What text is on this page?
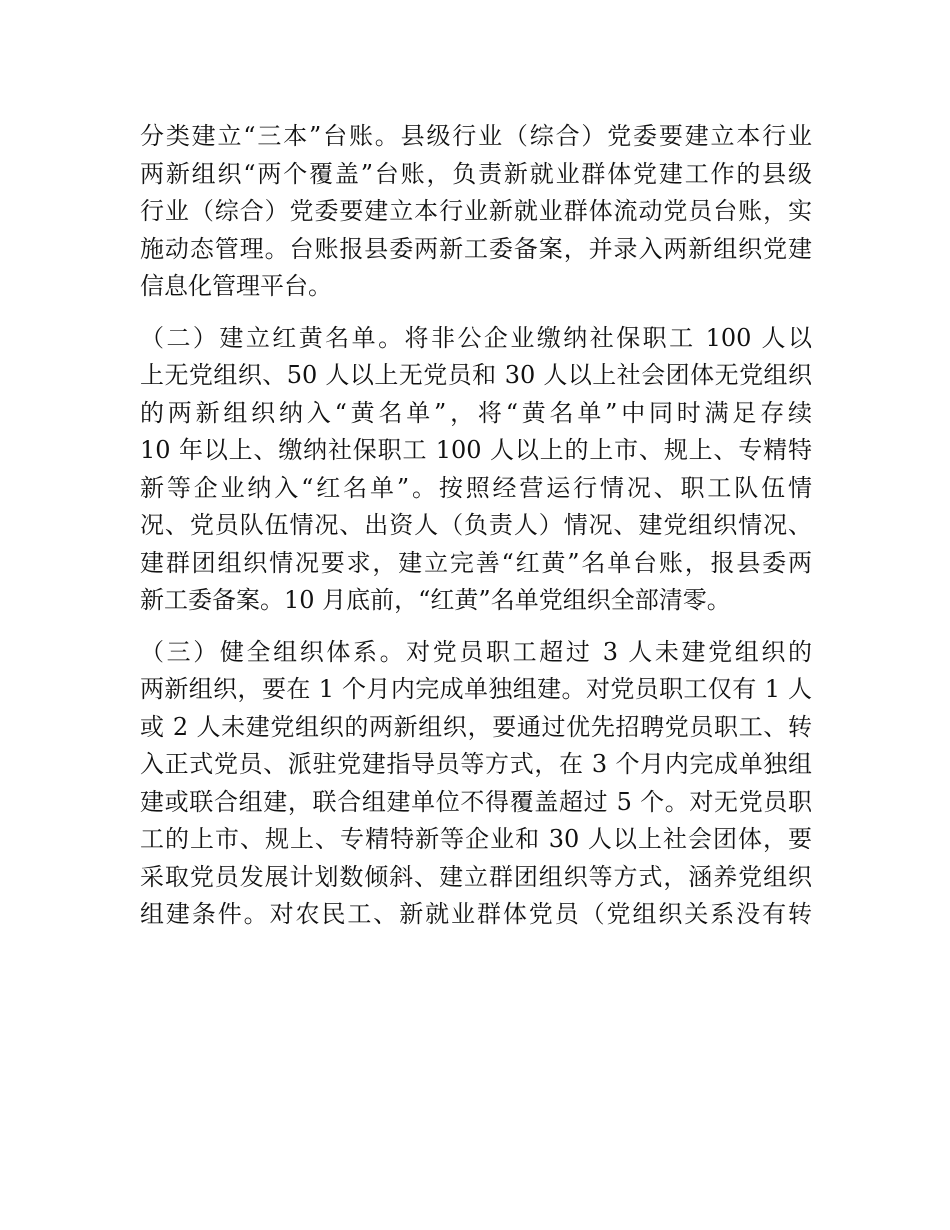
分类建立“三本”台账。县级行业（综合）党委要建立本行业
两新组织“两个覆盖”台账，负责新就业群体党建工作的县级
行业（综合）党委要建立本行业新就业群体流动党员台账，实
施动态管理。台账报县委两新工委备案，并录入两新组织党建
信息化管理平台。
（二）建立红黄名单。将非公企业缴纳社保职工 100 人以
上无党组织、50 人以上无党员和 30 人以上社会团体无党组织
的两新组织纳入“黄名单”，将“黄名单”中同时满足存续
10 年以上、缴纳社保职工 100 人以上的上市、规上、专精特
新等企业纳入“红名单”。按照经营运行情况、职工队伍情
况、党员队伍情况、出资人（负责人）情况、建党组织情况、
建群团组织情况要求，建立完善“红黄”名单台账，报县委两
新工委备案。10 月底前，“红黄”名单党组织全部清零。
（三）健全组织体系。对党员职工超过 3 人未建党组织的
两新组织，要在 1 个月内完成单独组建。对党员职工仅有 1 人
或 2 人未建党组织的两新组织，要通过优先招聘党员职工、转
入正式党员、派驻党建指导员等方式，在 3 个月内完成单独组
建或联合组建，联合组建单位不得覆盖超过 5 个。对无党员职
工的上市、规上、专精特新等企业和 30 人以上社会团体，要
采取党员发展计划数倾斜、建立群团组织等方式，涵养党组织
组建条件。对农民工、新就业群体党员（党组织关系没有转
